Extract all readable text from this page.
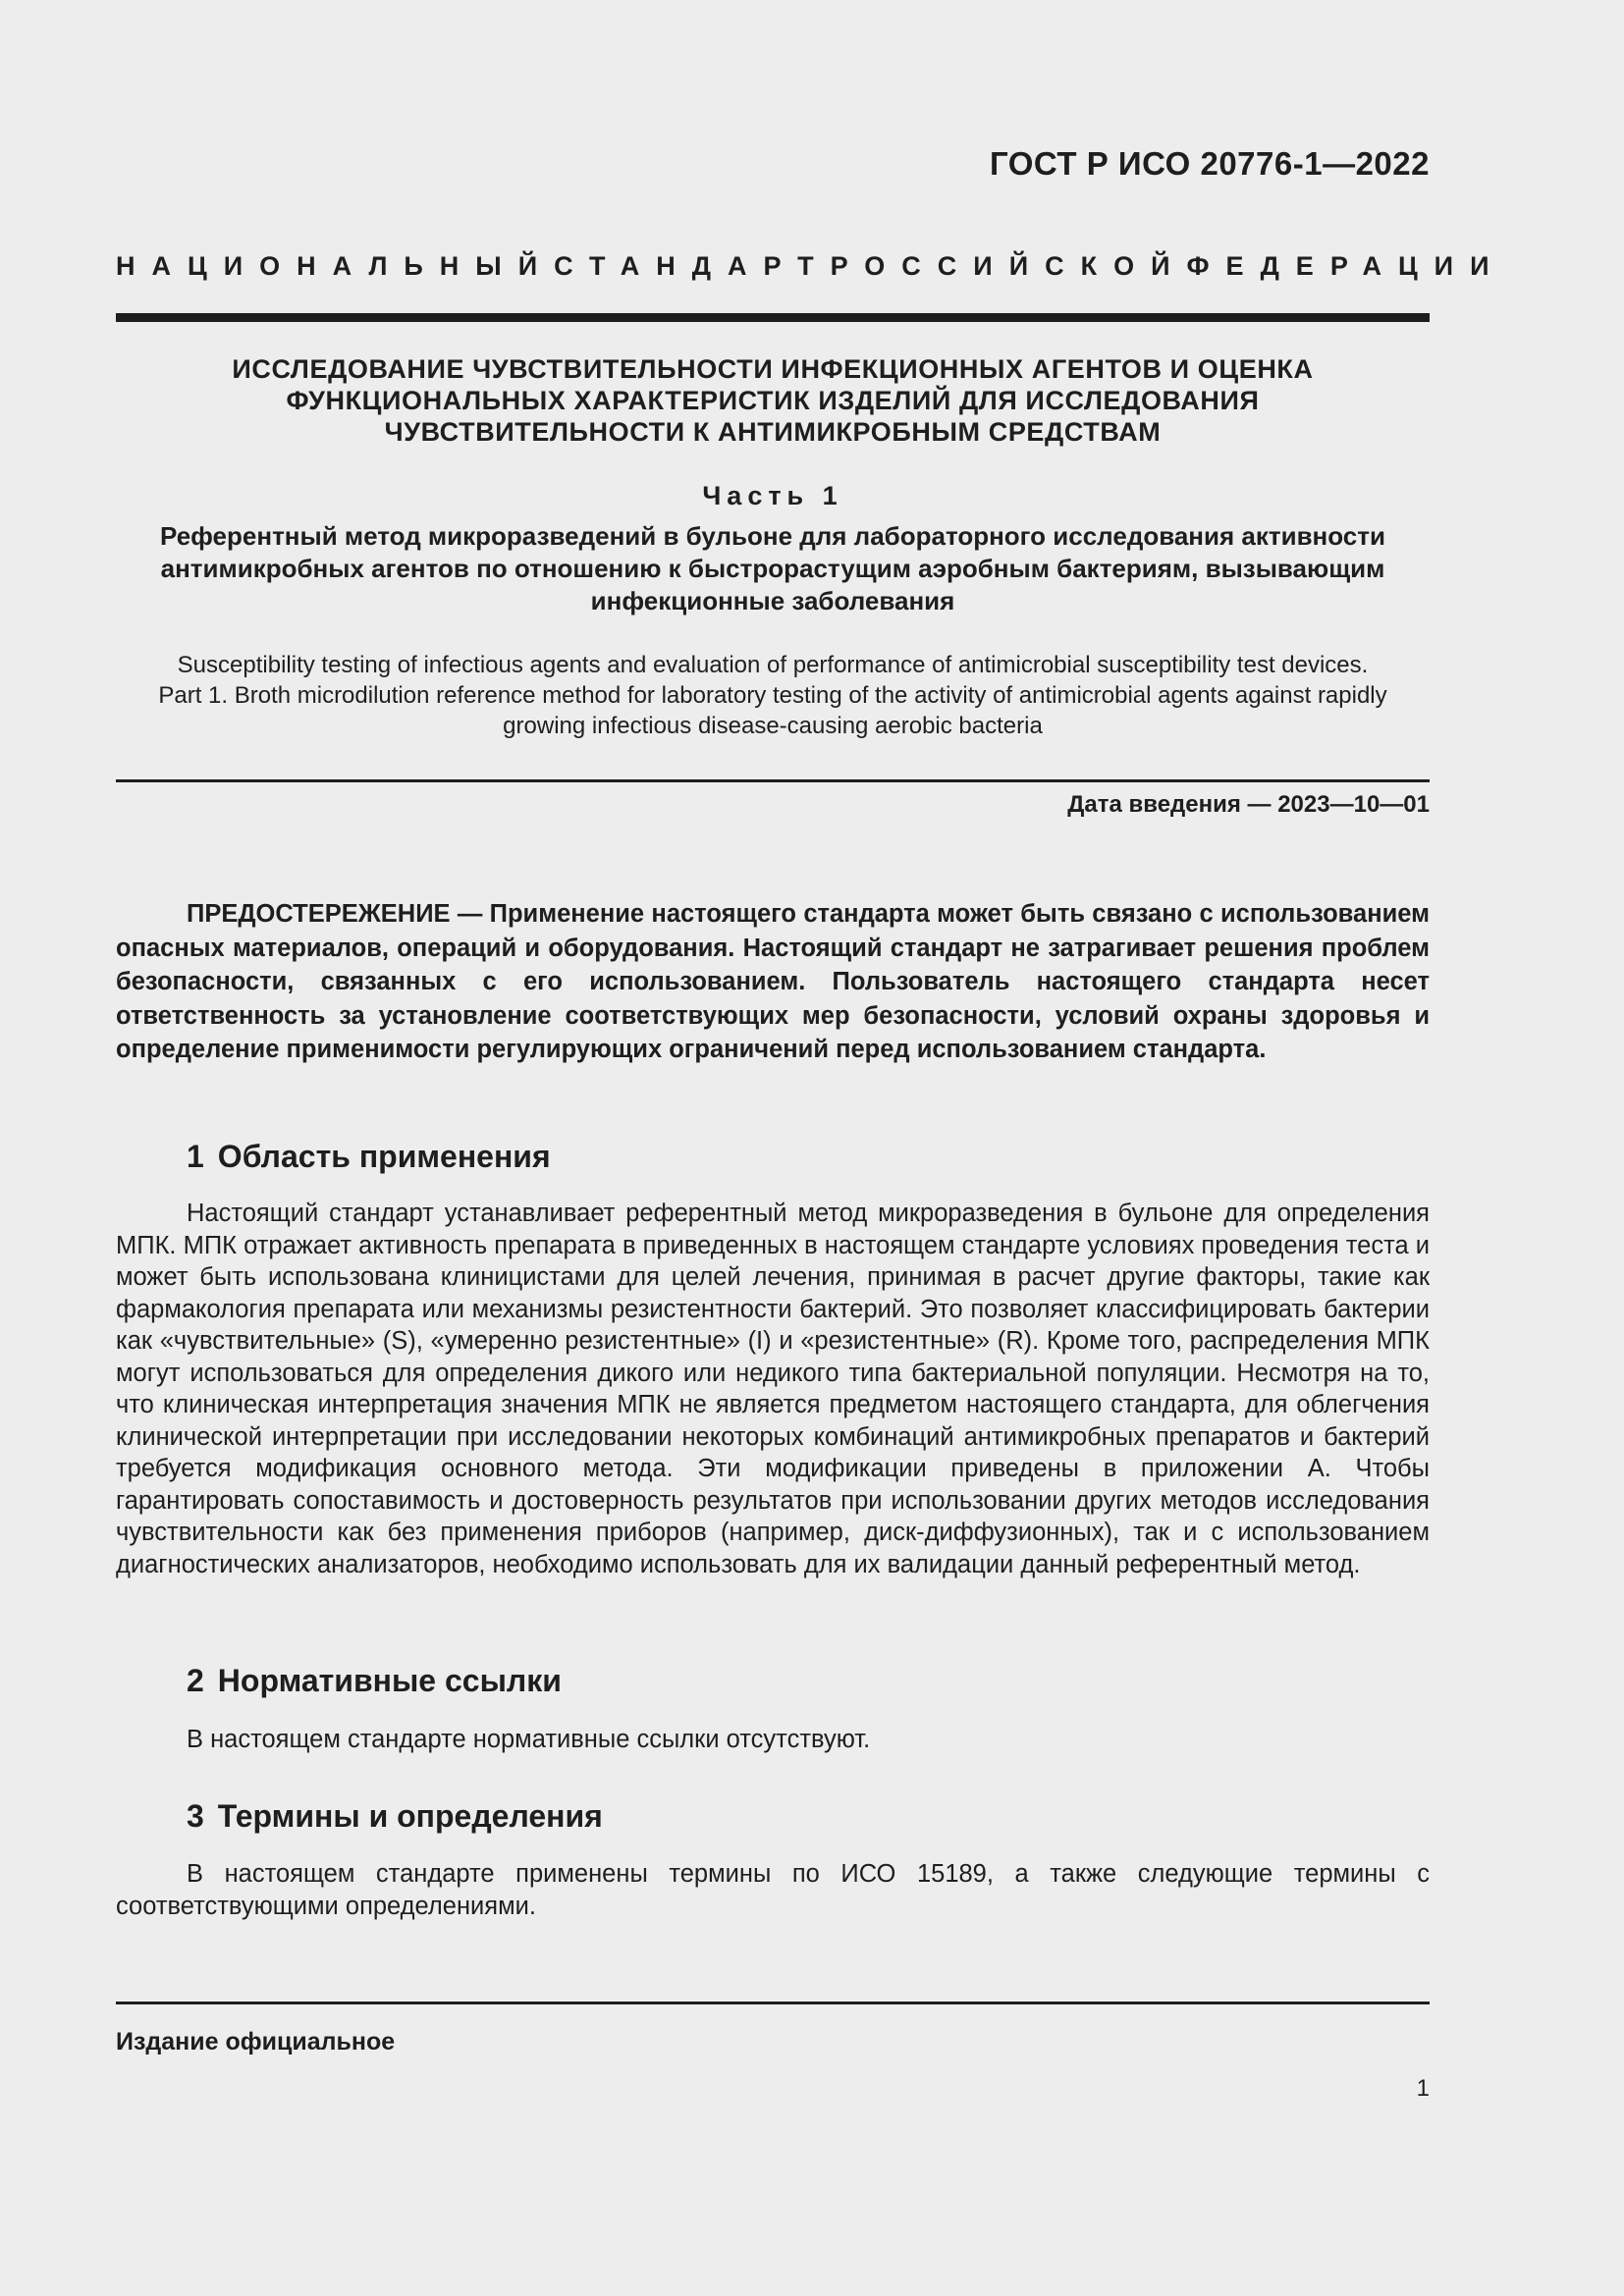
ГОСТ Р ИСО 20776-1—2022
НАЦИОНАЛЬНЫЙ СТАНДАРТ РОССИЙСКОЙ ФЕДЕРАЦИИ
ИССЛЕДОВАНИЕ ЧУВСТВИТЕЛЬНОСТИ ИНФЕКЦИОННЫХ АГЕНТОВ И ОЦЕНКА
ФУНКЦИОНАЛЬНЫХ ХАРАКТЕРИСТИК ИЗДЕЛИЙ ДЛЯ ИССЛЕДОВАНИЯ
ЧУВСТВИТЕЛЬНОСТИ К АНТИМИКРОБНЫМ СРЕДСТВАМ
Часть 1
Референтный метод микроразведений в бульоне для лабораторного исследования активности
антимикробных агентов по отношению к быстрорастущим аэробным бактериям, вызывающим
инфекционные заболевания
Susceptibility testing of infectious agents and evaluation of performance of antimicrobial susceptibility test devices.
Part 1. Broth microdilution reference method for laboratory testing of the activity of antimicrobial agents against rapidly
growing infectious disease-causing aerobic bacteria
Дата введения — 2023—10—01
ПРЕДОСТЕРЕЖЕНИЕ — Применение настоящего стандарта может быть связано с использованием опасных материалов, операций и оборудования. Настоящий стандарт не затрагивает решения проблем безопасности, связанных с его использованием. Пользователь настоящего стандарта несет ответственность за установление соответствующих мер безопасности, условий охраны здоровья и определение применимости регулирующих ограничений перед использованием стандарта.
1 Область применения
Настоящий стандарт устанавливает референтный метод микроразведения в бульоне для определения МПК. МПК отражает активность препарата в приведенных в настоящем стандарте условиях проведения теста и может быть использована клиницистами для целей лечения, принимая в расчет другие факторы, такие как фармакология препарата или механизмы резистентности бактерий. Это позволяет классифицировать бактерии как «чувствительные» (S), «умеренно резистентные» (I) и «резистентные» (R). Кроме того, распределения МПК могут использоваться для определения дикого или недикого типа бактериальной популяции. Несмотря на то, что клиническая интерпретация значения МПК не является предметом настоящего стандарта, для облегчения клинической интерпретации при исследовании некоторых комбинаций антимикробных препаратов и бактерий требуется модификация основного метода. Эти модификации приведены в приложении А. Чтобы гарантировать сопоставимость и достоверность результатов при использовании других методов исследования чувствительности как без применения приборов (например, диск-диффузионных), так и с использованием диагностических анализаторов, необходимо использовать для их валидации данный референтный метод.
2 Нормативные ссылки
В настоящем стандарте нормативные ссылки отсутствуют.
3 Термины и определения
В настоящем стандарте применены термины по ИСО 15189, а также следующие термины с соответствующими определениями.
Издание официальное
1
